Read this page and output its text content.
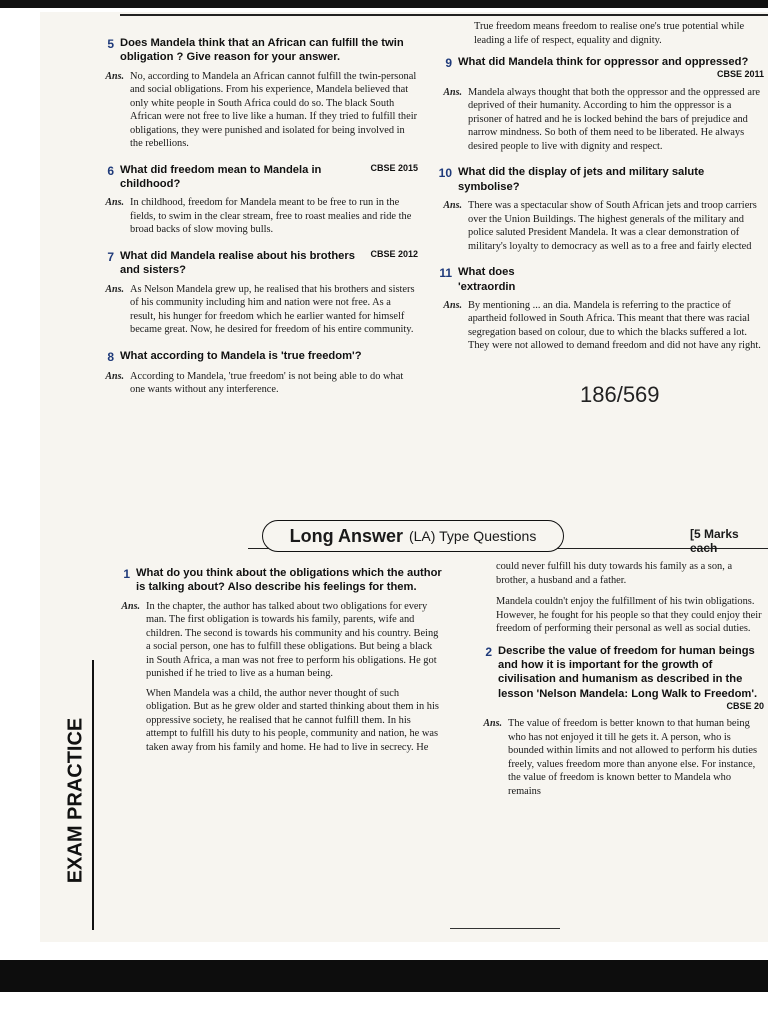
5 Does Mandela think that an African can fulfill the twin obligation ? Give reason for your answer.
Ans. No, according to Mandela an African cannot fulfill the twin-personal and social obligations. From his experience, Mandela believed that only white people in South Africa could do so. The black South African were not free to live like a human. If they tried to fulfill their obligations, they were punished and isolated for being involved in the rebellions.
6	CBSE 2015
What did freedom mean to Mandela in childhood?
Ans. In childhood, freedom for Mandela meant to be free to run in the fields, to swim in the clear stream, free to roast mealies and ride the broad backs of slow moving bulls.
7	CBSE 2012
What did Mandela realise about his brothers and sisters?
Ans. As Nelson Mandela grew up, he realised that his brothers and sisters of his community including him and nation were not free. As a result, his hunger for freedom which he earlier wanted for himself became great. Now, he desired for freedom of his entire community.
8 What according to Mandela is 'true freedom'?
Ans. According to Mandela, 'true freedom' is not being able to do what one wants without any interference.
True freedom means freedom to realise one's true potential while leading a life of respect, equality and dignity.
9 What did Mandela think for oppressor and oppressed?
CBSE 2011
Ans. Mandela always thought that both the oppressor and the oppressed are deprived of their humanity. According to him the oppressor is a prisoner of hatred and he is locked behind the bars of prejudice and narrow mindness. So both of them need to be liberated. He always desired people to live with dignity and respect.
10 What did the display of jets and military salute symbolise?
Ans. There was a spectacular show of South African jets and troop carriers over the Union Buildings. The highest generals of the military and police saluted President Mandela. It was a clear demonstration of military's loyalty to democracy as well as to a free and fairly elected
11 What does 'extraordin
Ans. By mentioning ... an dia. Mandela is referring to the practice of apartheid followed in South Africa. This meant that there was racial segregation based on colour, due to which the blacks suffered a lot. They were not allowed to demand freedom and did not have any right.
186/569
Long Answer (LA) Type Questions	[5 Marks each
1 What do you think about the obligations which the author is talking about? Also describe his feelings for them.
Ans. In the chapter, the author has talked about two obligations for every man. The first obligation is towards his family, parents, wife and children. The second is towards his community and his country. Being a social person, one has to fulfill these obligations. But being a black in South Africa, a man was not free to perform his obligations. He got punished if he tried to live as a human being.

When Mandela was a child, the author never thought of such obligation. But as he grew older and started thinking about them in his oppressive society, he realised that he cannot fulfill them. In his attempt to fulfill his duty to his people, community and nation, he was taken away from his family and home. He had to live in secrecy. He

could never fulfill his duty towards his family as a son, a brother, a husband and a father.
Mandela couldn't enjoy the fulfillment of his twin obligations. However, he fought for his people so that they could enjoy their freedom of performing their personal as well as social duties.
2 Describe the value of freedom for human beings and how it is important for the growth of civilisation and humanism as described in the lesson 'Nelson Mandela: Long Walk to Freedom'.
CBSE 20
Ans. The value of freedom is better known to that human being who has not enjoyed it till he gets it. A person, who is bounded within limits and not allowed to perform his duties freely, values freedom more than anyone else. For instance, the value of freedom is known better to Mandela who remains
EXAM PRACTICE
